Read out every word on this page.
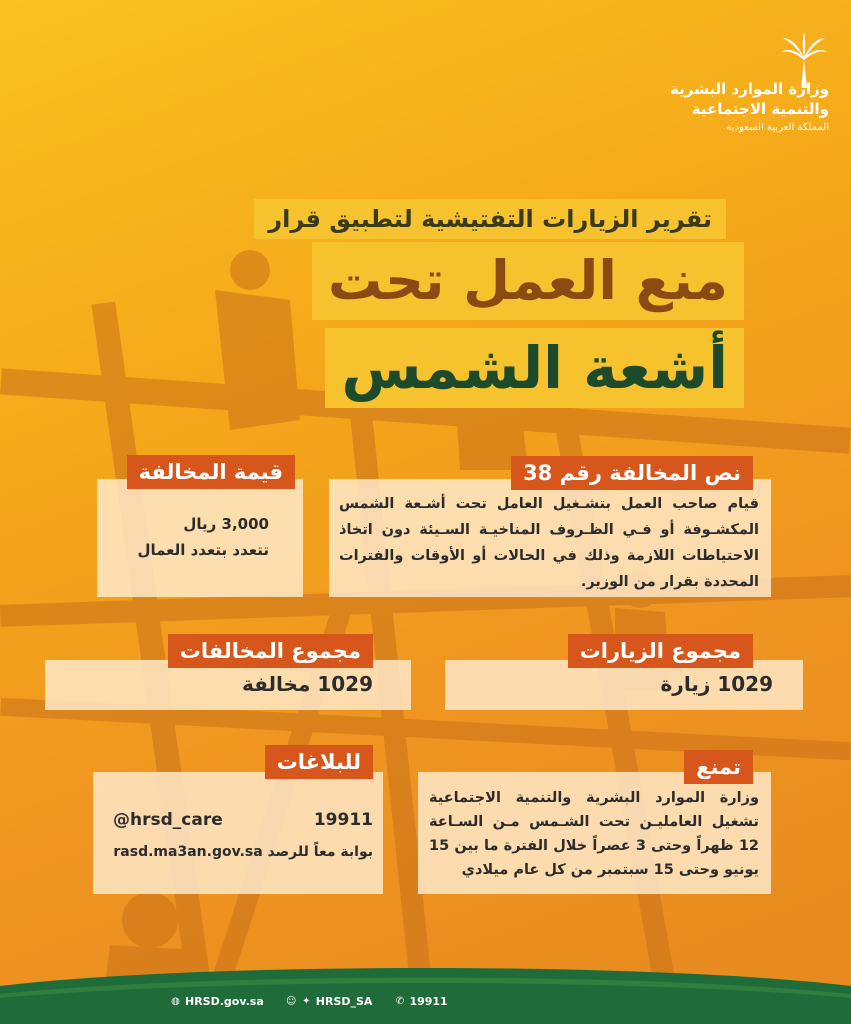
وزارة الموارد البشرية
والتنمية الاجتماعية
المملكة العربية السعودية
تقرير الزيارات التفتيشية لتطبيق قرار
منع العمل تحت
أشعة الشمس
قيام صاحب العمل بتشـغيل العامل تحت أشـعة الشمس المكشـوفة أو فـي الظـروف المناخيـة السـيئة دون اتخاذ الاحتياطات اللازمة وذلك في الحالات أو الأوقات والفترات المحددة بقرار من الوزير.
نص المخالفة رقم 38
3,000 ريال
تتعدد بتعدد العمال
قيمة المخالفة
1029 زيارة
مجموع الزيارات
1029 مخالفة
مجموع المخالفات
وزارة الموارد البشرية والتنمية الاجتماعية تشغيل العامليـن تحت الشـمس مـن السـاعة 12 ظهراً وحتى 3 عصراً خلال الفترة ما بين 15 يونيو وحتى 15 سبتمبر من كل عام ميلادي
تمنع
19911
@hrsd_care
بوابة معاً للرصد rasd.ma3an.gov.sa
للبلاغات
◍ HRSD.gov.sa ☺ ✦ HRSD_SA ✆ 19911
